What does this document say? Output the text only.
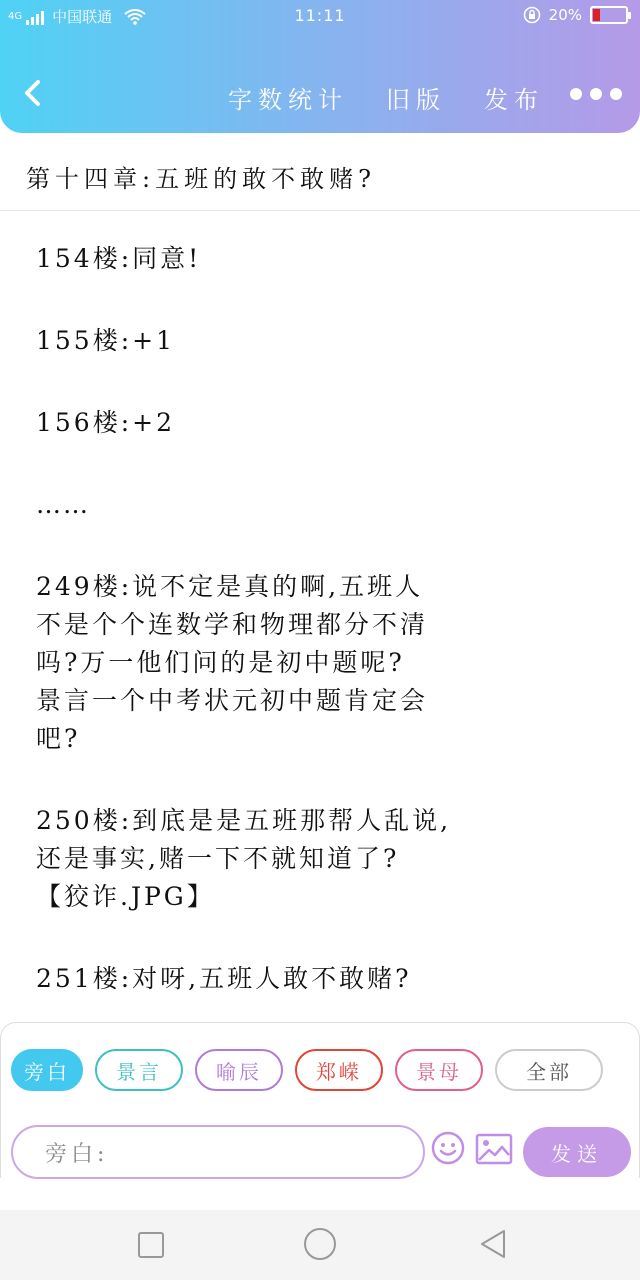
4G 中国联通	11:11	20%
字数统计 旧版 发布
第十四章:五班的敢不敢赌?
154楼:同意!
155楼:+1
156楼:+2
……
249楼:说不定是真的啊,五班人
不是个个连数学和物理都分不清
吗?万一他们问的是初中题呢?
景言一个中考状元初中题肯定会
吧?
250楼:到底是是五班那帮人乱说,
还是事实,赌一下不就知道了?
【狡诈.JPG】
251楼:对呀,五班人敢不敢赌?
旁白	景言	喻辰	郑嵘	景母	全部
旁白:	发送
